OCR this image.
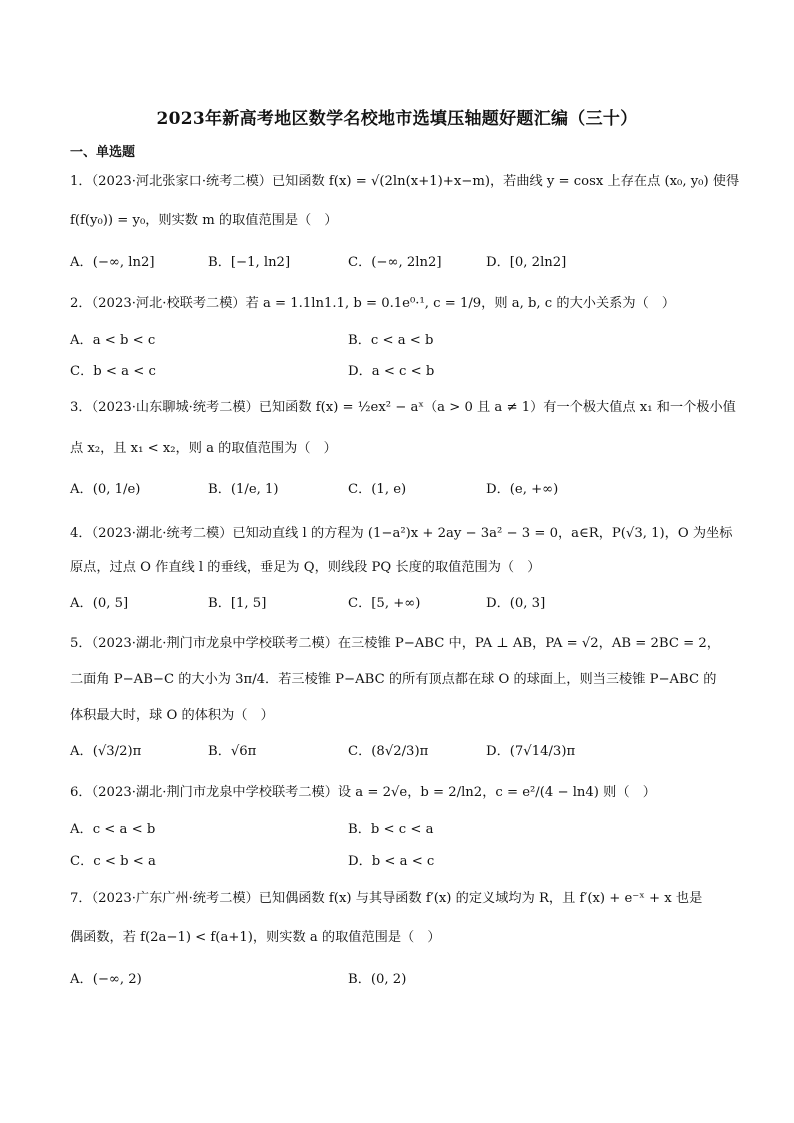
2023年新高考地区数学名校地市选填压轴题好题汇编（三十）
一、单选题
1．（2023·河北张家口·统考二模）已知函数 f(x) = √(2ln(x+1)+x−m)，若曲线 y = cosx 上存在点 (x₀, y₀) 使得
f(f(y₀)) = y₀，则实数 m 的取值范围是（　）
A．(−∞, ln2]	B．[−1, ln2]	C．(−∞, 2ln2]	D．[0, 2ln2]
2．（2023·河北·校联考二模）若 a = 1.1ln1.1, b = 0.1e⁰·¹, c = 1/9，则 a, b, c 的大小关系为（　）
A．a < b < c	B．c < a < b
C．b < a < c	D．a < c < b
3．（2023·山东聊城·统考二模）已知函数 f(x) = ½ex² − aˣ（a > 0 且 a ≠ 1）有一个极大值点 x₁ 和一个极小值
点 x₂，且 x₁ < x₂，则 a 的取值范围为（　）
A．(0, 1/e)	B．(1/e, 1)	C．(1, e)	D．(e, +∞)
4．（2023·湖北·统考二模）已知动直线 l 的方程为 (1−a²)x + 2ay − 3a² − 3 = 0，a∈R，P(√3, 1)，O 为坐标
原点，过点 O 作直线 l 的垂线，垂足为 Q，则线段 PQ 长度的取值范围为（　）
A．(0, 5]	B．[1, 5]	C．[5, +∞)	D．(0, 3]
5．（2023·湖北·荆门市龙泉中学校联考二模）在三棱锥 P−ABC 中，PA ⊥ AB，PA = √2，AB = 2BC = 2，
二面角 P−AB−C 的大小为 3π/4．若三棱锥 P−ABC 的所有顶点都在球 O 的球面上，则当三棱锥 P−ABC 的
体积最大时，球 O 的体积为（　）
A．(√3/2)π	B．√6π	C．(8√2/3)π	D．(7√14/3)π
6．（2023·湖北·荆门市龙泉中学校联考二模）设 a = 2√e，b = 2/ln2，c = e²/(4 − ln4) 则（　）
A．c < a < b	B．b < c < a
C．c < b < a	D．b < a < c
7．（2023·广东广州·统考二模）已知偶函数 f(x) 与其导函数 f′(x) 的定义域均为 R，且 f′(x) + e⁻ˣ + x 也是
偶函数，若 f(2a−1) < f(a+1)，则实数 a 的取值范围是（　）
A．(−∞, 2)	B．(0, 2)
